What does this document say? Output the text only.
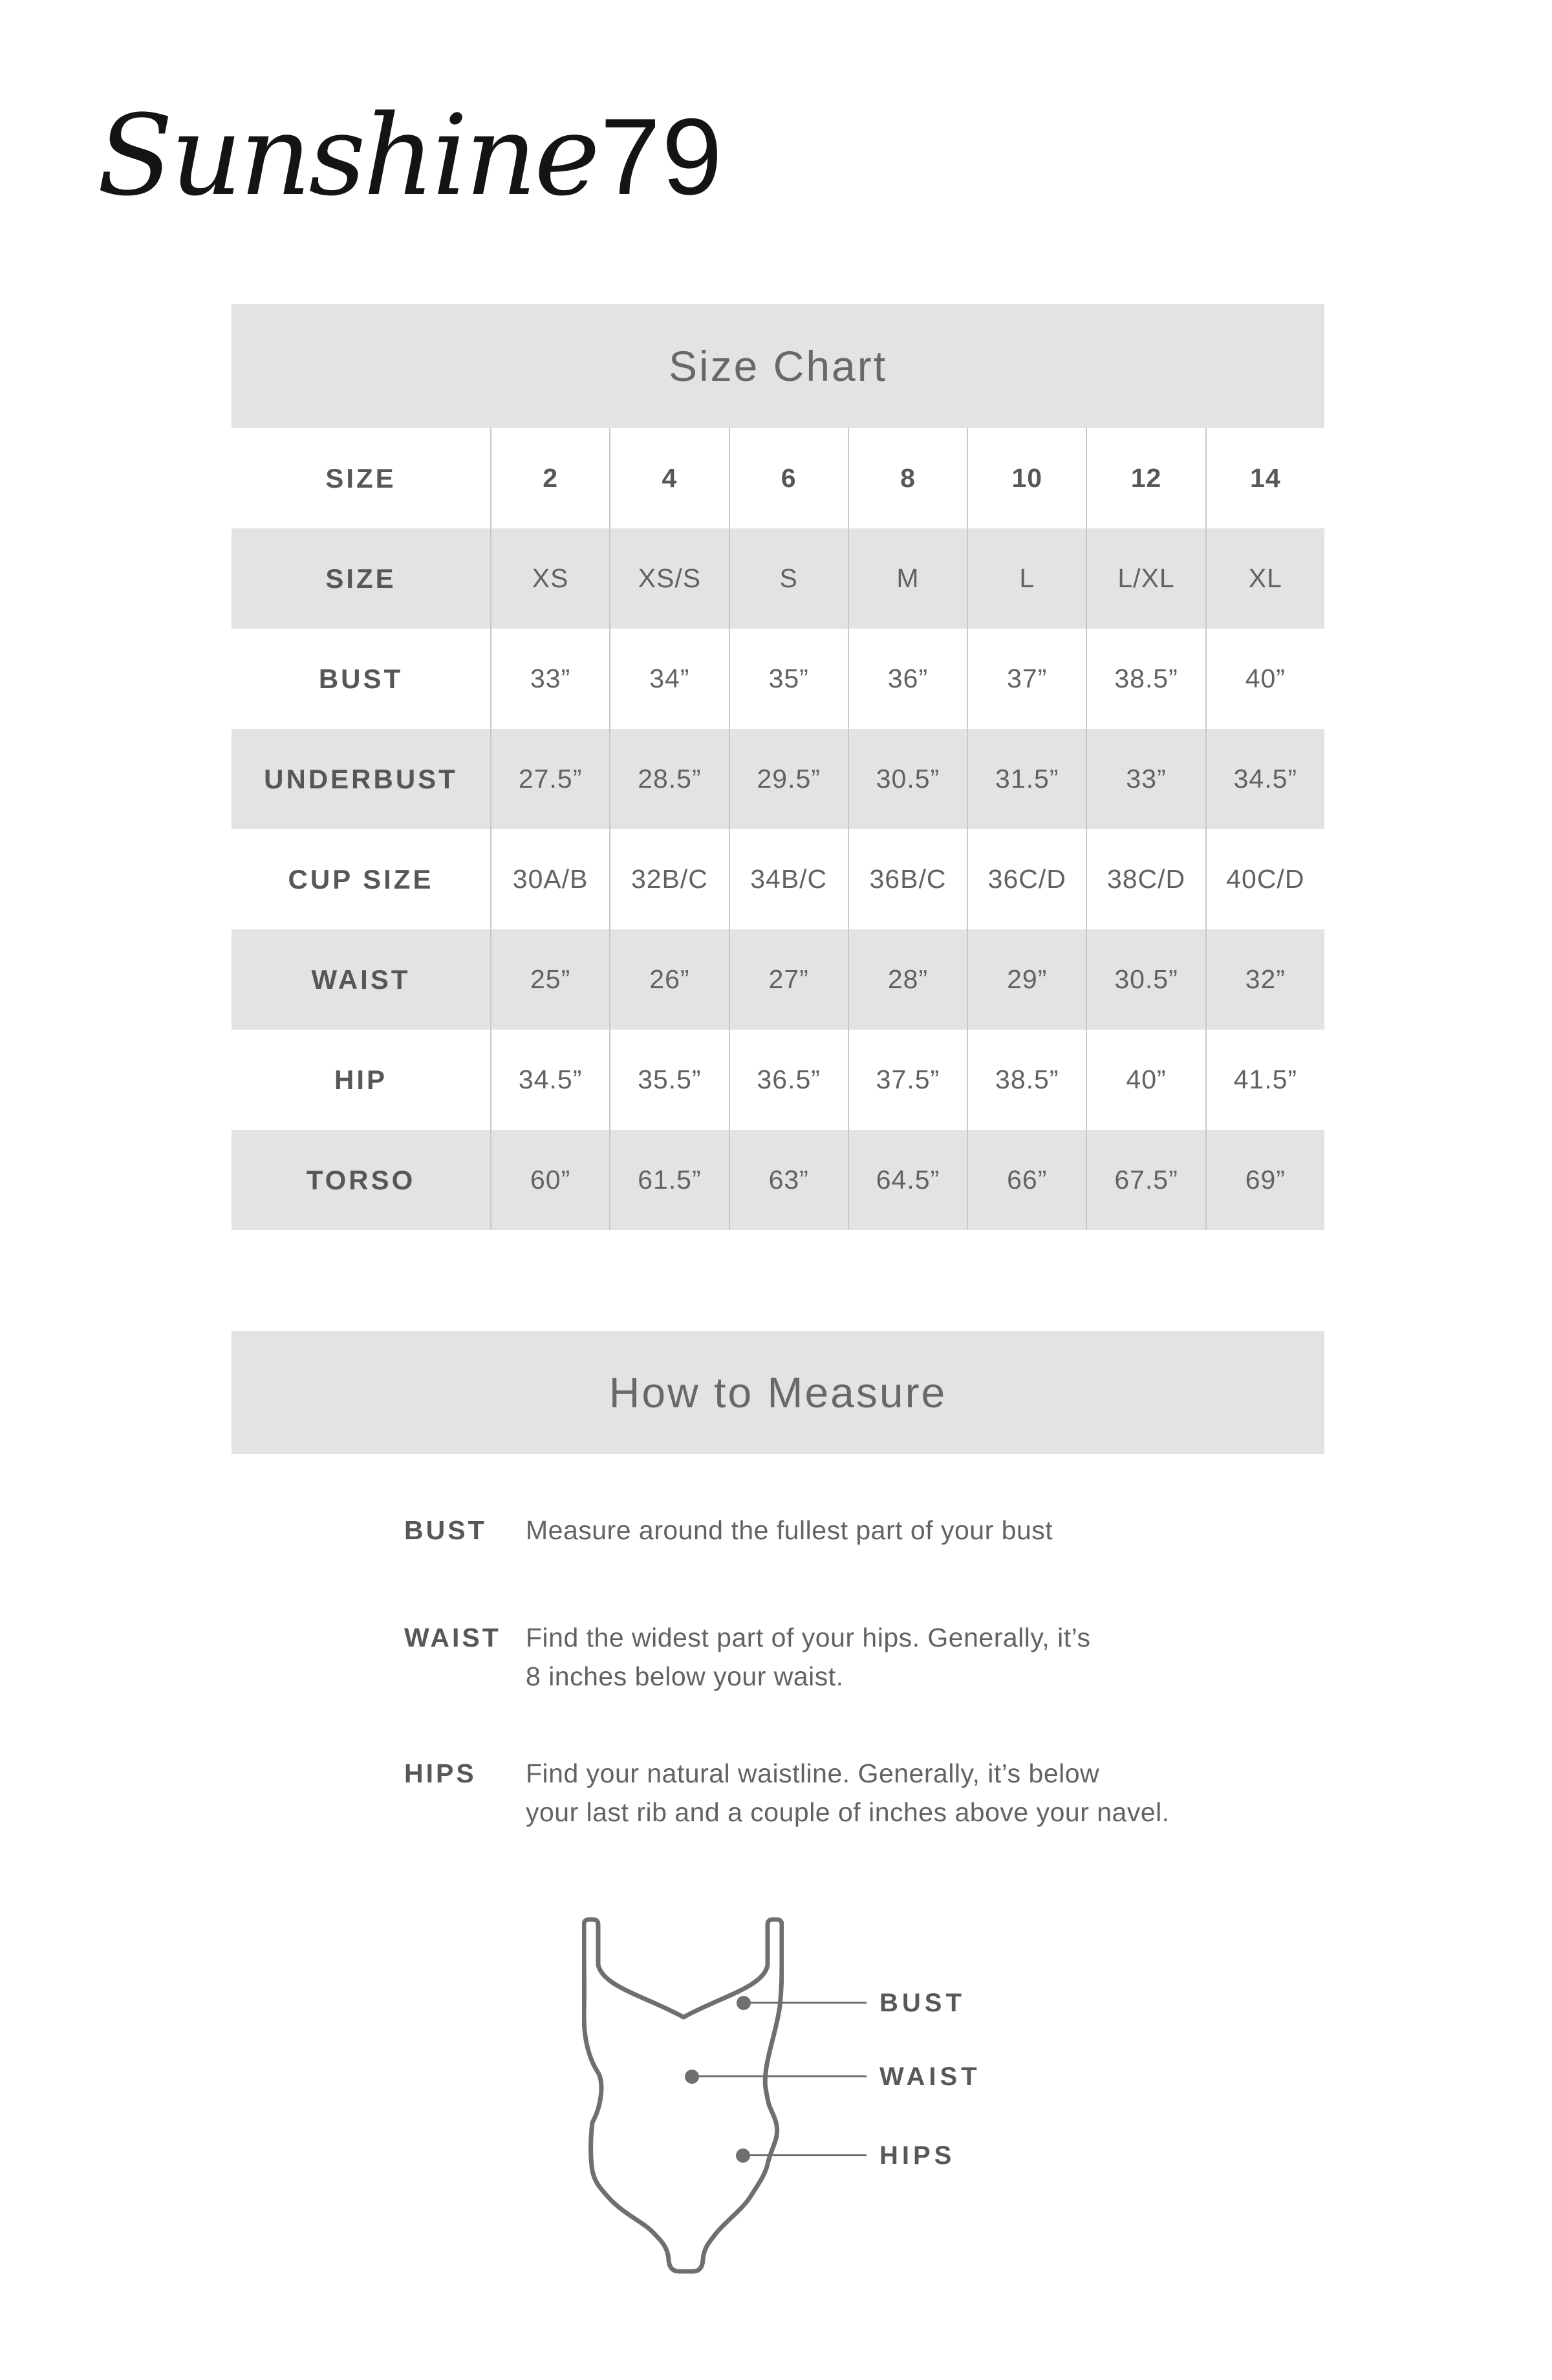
Sunshine 79
Size Chart
SIZE	2	4	6	8	10	12	14
SIZE	XS	XS/S	S	M	L	L/XL	XL
BUST	33”	34”	35”	36”	37”	38.5”	40”
UNDERBUST	27.5”	28.5”	29.5”	30.5”	31.5”	33”	34.5”
CUP SIZE	30A/B	32B/C	34B/C	36B/C	36C/D	38C/D	40C/D
WAIST	25”	26”	27”	28”	29”	30.5”	32”
HIP	34.5”	35.5”	36.5”	37.5”	38.5”	40”	41.5”
TORSO	60”	61.5”	63”	64.5”	66”	67.5”	69”
How to Measure
BUST Measure around the fullest part of your bust
WAIST Find the widest part of your hips. Generally, it’s
8 inches below your waist.
HIPS Find your natural waistline. Generally, it’s below
your last rib and a couple of inches above your navel.
BUST
WAIST
HIPS
